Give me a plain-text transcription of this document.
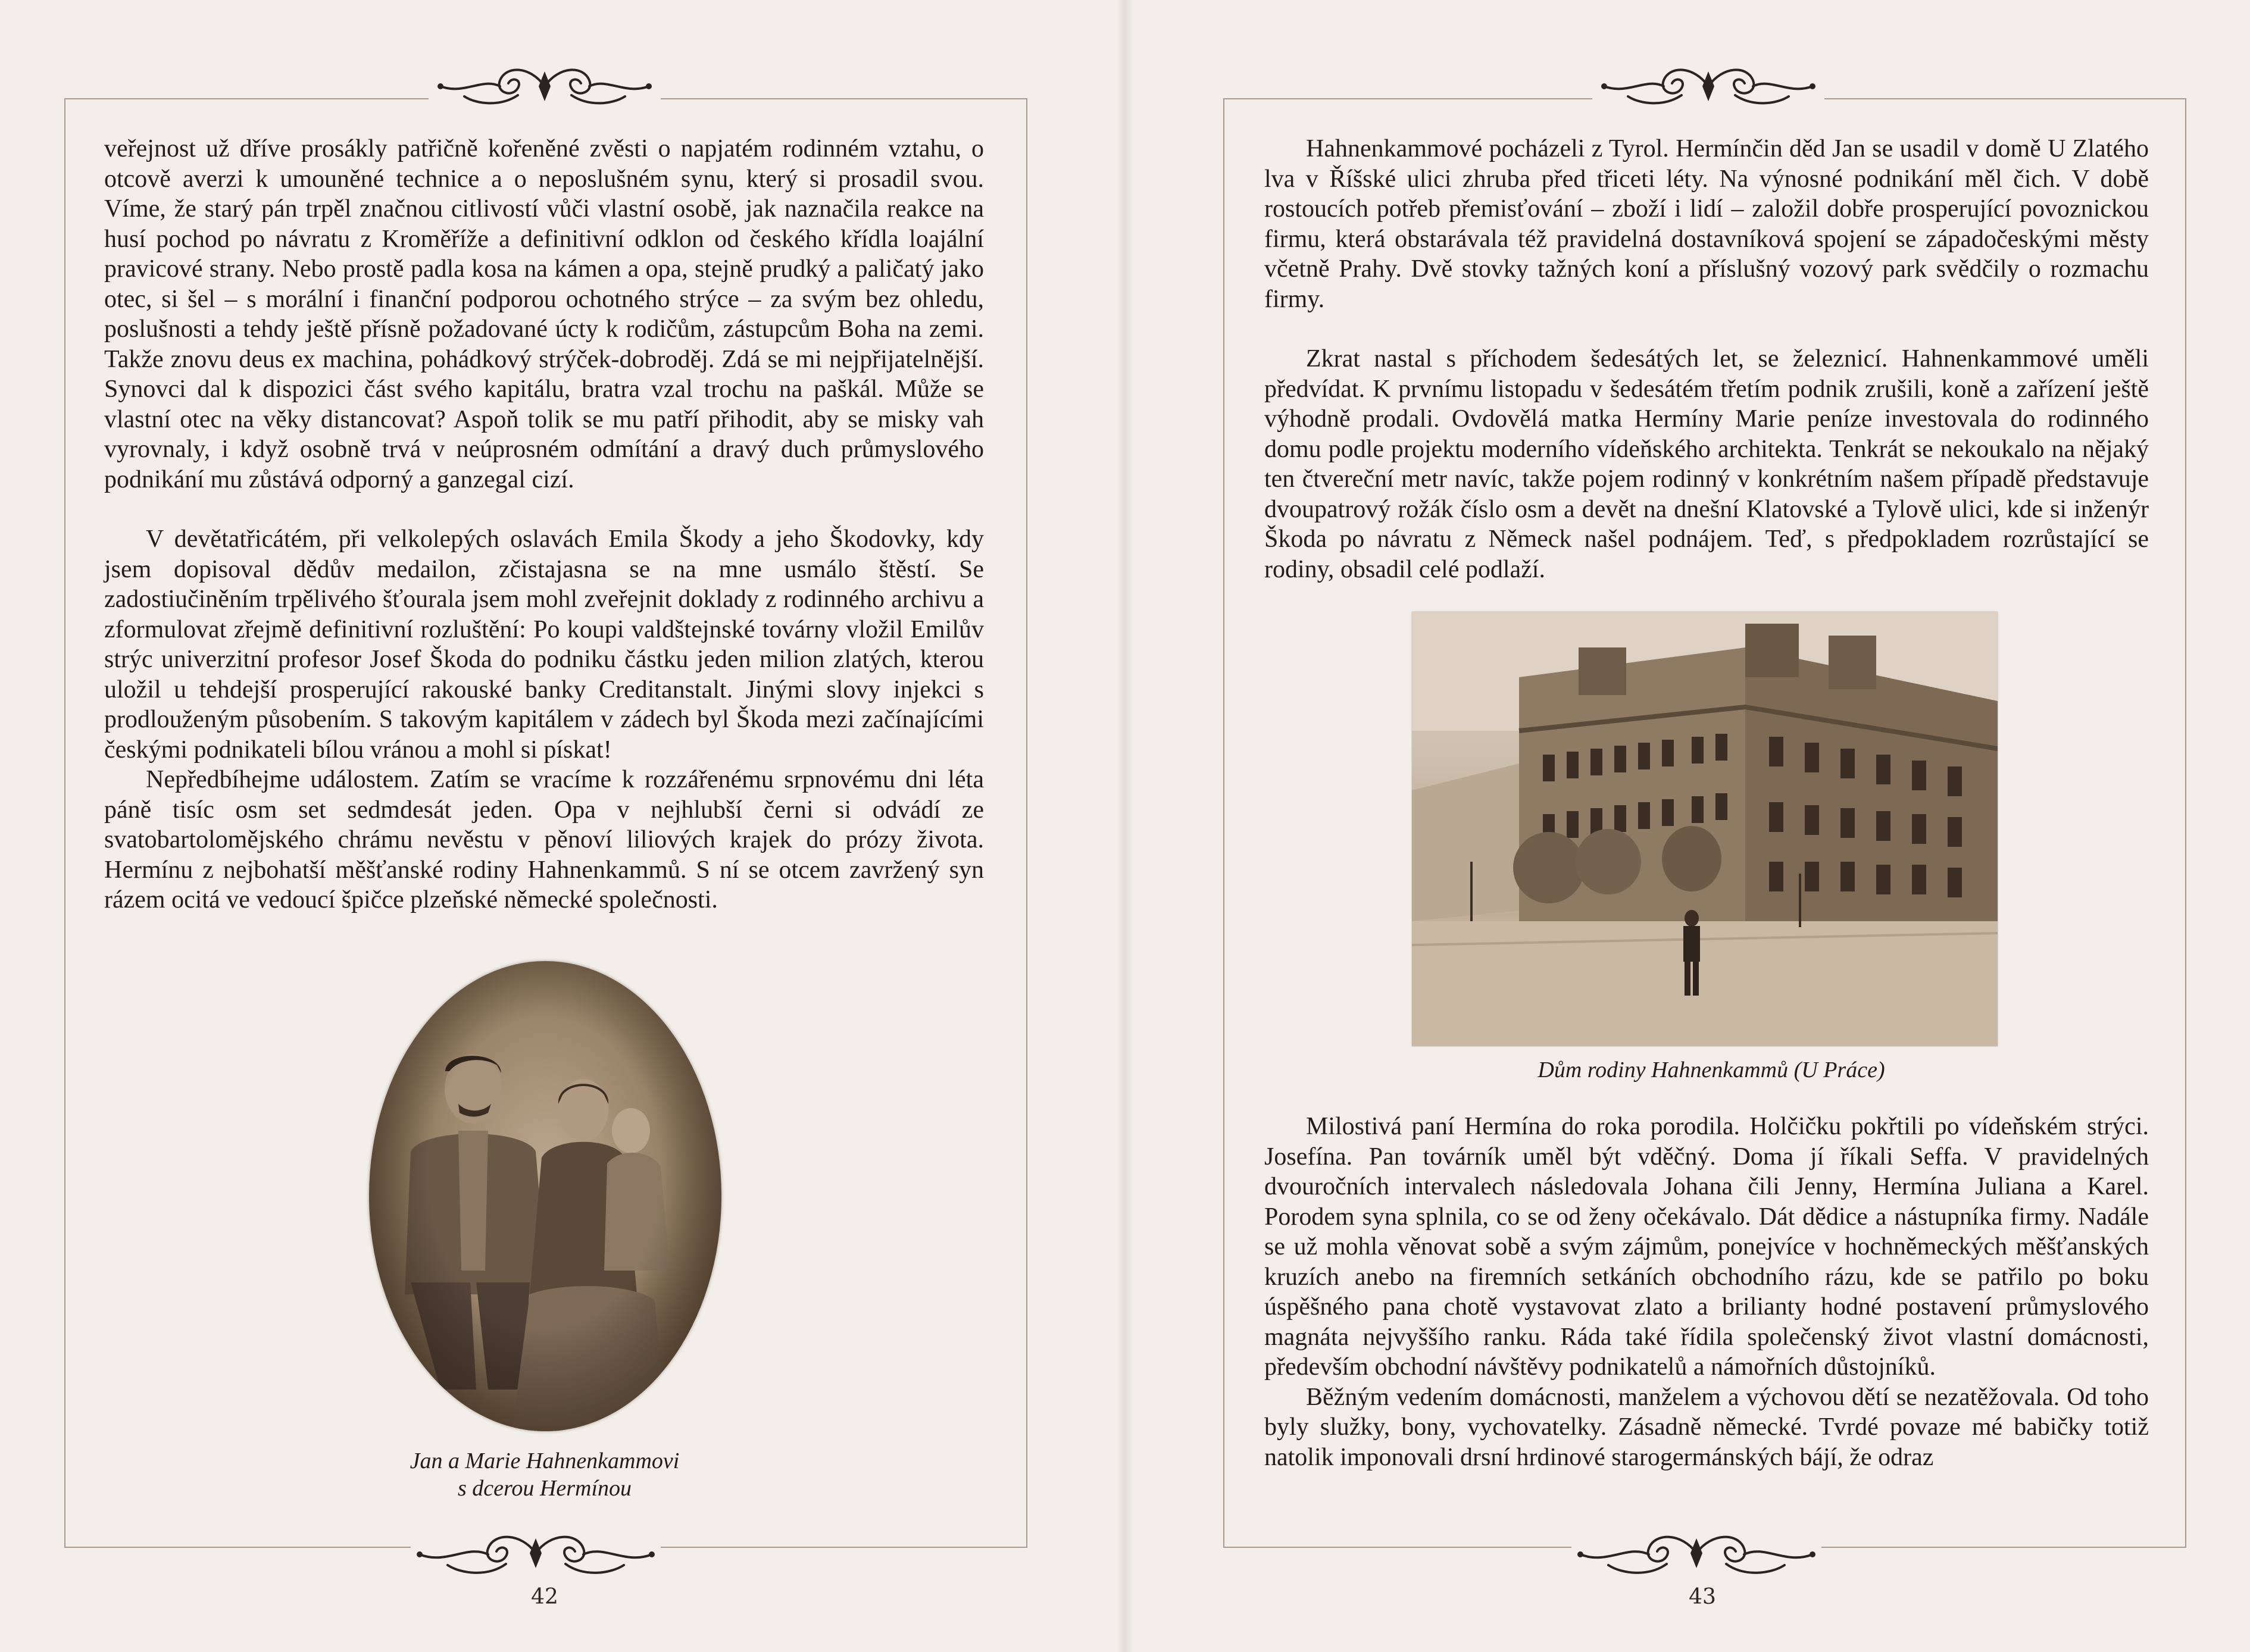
veřejnost už dříve prosákly patřičně kořeněné zvěsti o napjatém rodinném vztahu, o otcově averzi k umouněné technice a o neposlušném synu, který si prosadil svou. Víme, že starý pán trpěl značnou citlivostí vůči vlastní osobě, jak naznačila reakce na husí pochod po návratu z Kroměříže a definitivní odklon od českého křídla loajální pravicové strany. Nebo prostě padla kosa na kámen a opa, stejně prudký a paličatý jako otec, si šel – s morální i finanční podporou ochotného strýce – za svým bez ohledu, poslušnosti a tehdy ještě přísně požadované úcty k rodičům, zástupcům Boha na zemi. Takže znovu deus ex machina, pohádkový strýček-dobroděj. Zdá se mi nejpřijatelnější. Synovci dal k dispozici část svého kapitálu, bratra vzal trochu na paškál. Může se vlastní otec na věky distancovat? Aspoň tolik se mu patří přihodit, aby se misky vah vyrovnaly, i když osobně trvá v neúprosném odmítání a dravý duch průmyslového podnikání mu zůstává odporný a ganzegal cizí.

V devětatřicátém, při velkolepých oslavách Emila Škody a jeho Škodovky, kdy jsem dopisoval dědův medailon, zčistajasna se na mne usmálo štěstí. Se zadostiučiněním trpělivého šťourala jsem mohl zveřejnit doklady z rodinného archivu a zformulovat zřejmě definitivní rozluštění: Po koupi valdštejnské továrny vložil Emilův strýc univerzitní profesor Josef Škoda do podniku částku jeden milion zlatých, kterou uložil u tehdejší prosperující rakouské banky Creditanstalt. Jinými slovy injekci s prodlouženým působením. S takovým kapitálem v zádech byl Škoda mezi začínajícími českými podnikateli bílou vránou a mohl si pískat!

Nepředbíhejme událostem. Zatím se vracíme k rozzářenému srpnovému dni léta páně tisíc osm set sedmdesát jeden. Opa v nejhlubší černi si odvádí ze svatobartolomějského chrámu nevěstu v pěnoví liliových krajek do prózy života. Hermínu z nejbohatší měšťanské rodiny Hahnenkammů. S ní se otcem zavržený syn rázem ocitá ve vedoucí špičce plzeňské německé společnosti.

Jan a Marie Hahnenkammovi
s dcerou Hermínou
42

Hahnenkammové pocházeli z Tyrol. Hermínčin děd Jan se usadil v domě U Zlatého lva v Říšské ulici zhruba před třiceti léty. Na výnosné podnikání měl čich. V době rostoucích potřeb přemisťování – zboží i lidí – založil dobře prosperující povoznickou firmu, která obstarávala též pravidelná dostavníková spojení se západočeskými městy včetně Prahy. Dvě stovky tažných koní a příslušný vozový park svědčily o rozmachu firmy.

Zkrat nastal s příchodem šedesátých let, se železnicí. Hahnenkammové uměli předvídat. K prvnímu listopadu v šedesátém třetím podnik zrušili, koně a zařízení ještě výhodně prodali. Ovdovělá matka Hermíny Marie peníze investovala do rodinného domu podle projektu moderního vídeňského architekta. Tenkrát se nekoukalo na nějaký ten čtvereční metr navíc, takže pojem rodinný v konkrétním našem případě představuje dvoupatrový rožák číslo osm a devět na dnešní Klatovské a Tylově ulici, kde si inženýr Škoda po návratu z Německ našel podnájem. Teď, s předpokladem rozrůstající se rodiny, obsadil celé podlaží.

Dům rodiny Hahnenkammů (U Práce)

Milostivá paní Hermína do roka porodila. Holčičku pokřtili po vídeňském strýci. Josefína. Pan továrník uměl být vděčný. Doma jí říkali Seffa. V pravidelných dvouročních intervalech následovala Johana čili Jenny, Hermína Juliana a Karel. Porodem syna splnila, co se od ženy očekávalo. Dát dědice a nástupníka firmy. Nadále se už mohla věnovat sobě a svým zájmům, ponejvíce v hochněmeckých měšťanských kruzích anebo na firemních setkáních obchodního rázu, kde se patřilo po boku úspěšného pana chotě vystavovat zlato a brilianty hodné postavení průmyslového magnáta nejvyššího ranku. Ráda také řídila společenský život vlastní domácnosti, především obchodní návštěvy podnikatelů a námořních důstojníků.

Běžným vedením domácnosti, manželem a výchovou dětí se nezatěžovala. Od toho byly služky, bony, vychovatelky. Zásadně německé. Tvrdé povaze mé babičky totiž natolik imponovali drsní hrdinové starogermánských bájí, že odraz

43
